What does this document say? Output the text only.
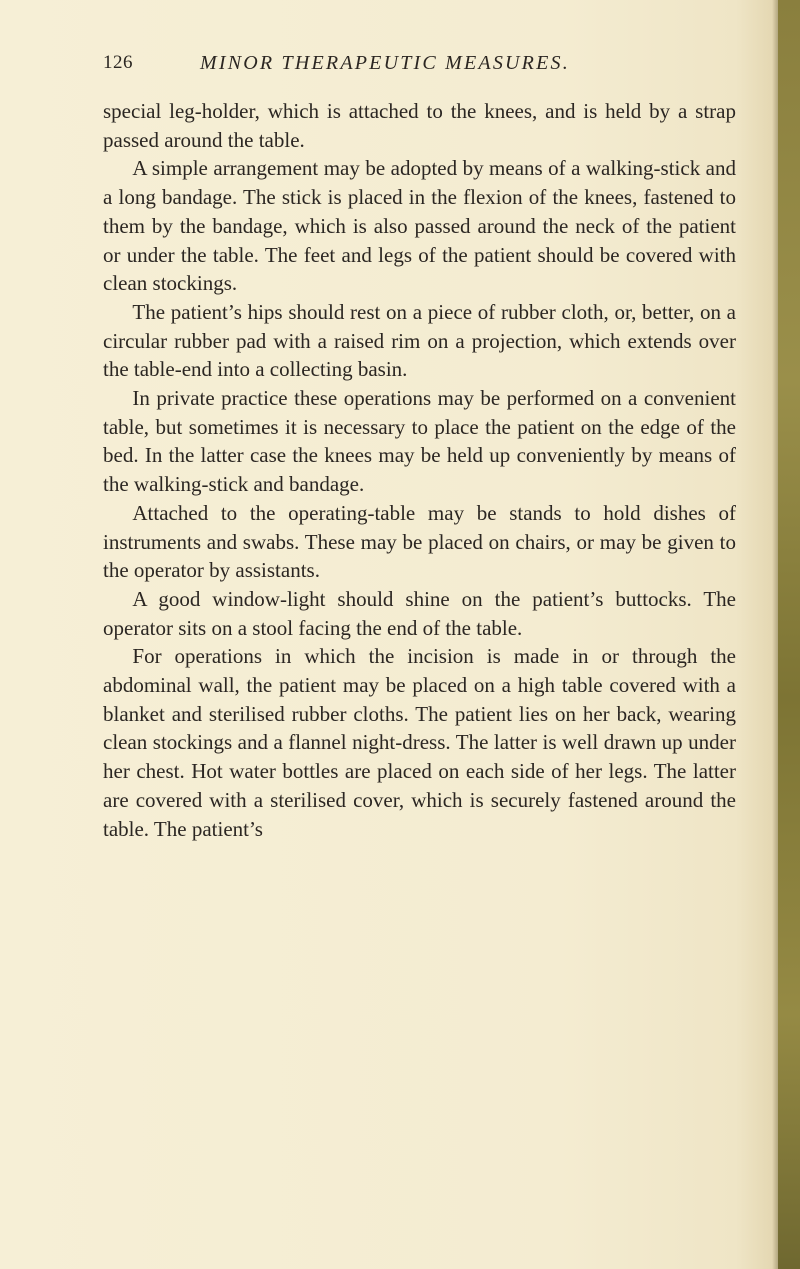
126	MINOR THERAPEUTIC MEASURES.

special leg-holder, which is attached to the knees, and is held by a strap passed around the table.

A simple arrangement may be adopted by means of a walking-stick and a long bandage. The stick is placed in the flexion of the knees, fastened to them by the bandage, which is also passed around the neck of the patient or under the table. The feet and legs of the patient should be covered with clean stockings.

The patient’s hips should rest on a piece of rubber cloth, or, better, on a circular rubber pad with a raised rim on a projection, which extends over the table-end into a collecting basin.

In private practice these operations may be performed on a convenient table, but sometimes it is necessary to place the patient on the edge of the bed. In the latter case the knees may be held up conveniently by means of the walking-stick and bandage.

Attached to the operating-table may be stands to hold dishes of instruments and swabs. These may be placed on chairs, or may be given to the operator by assistants.

A good window-light should shine on the patient’s buttocks. The operator sits on a stool facing the end of the table.

For operations in which the incision is made in or through the abdominal wall, the patient may be placed on a high table covered with a blanket and sterilised rubber cloths. The patient lies on her back, wearing clean stockings and a flannel night-dress. The latter is well drawn up under her chest. Hot water bottles are placed on each side of her legs. The latter are covered with a sterilised cover, which is securely fastened around the table. The patient’s
